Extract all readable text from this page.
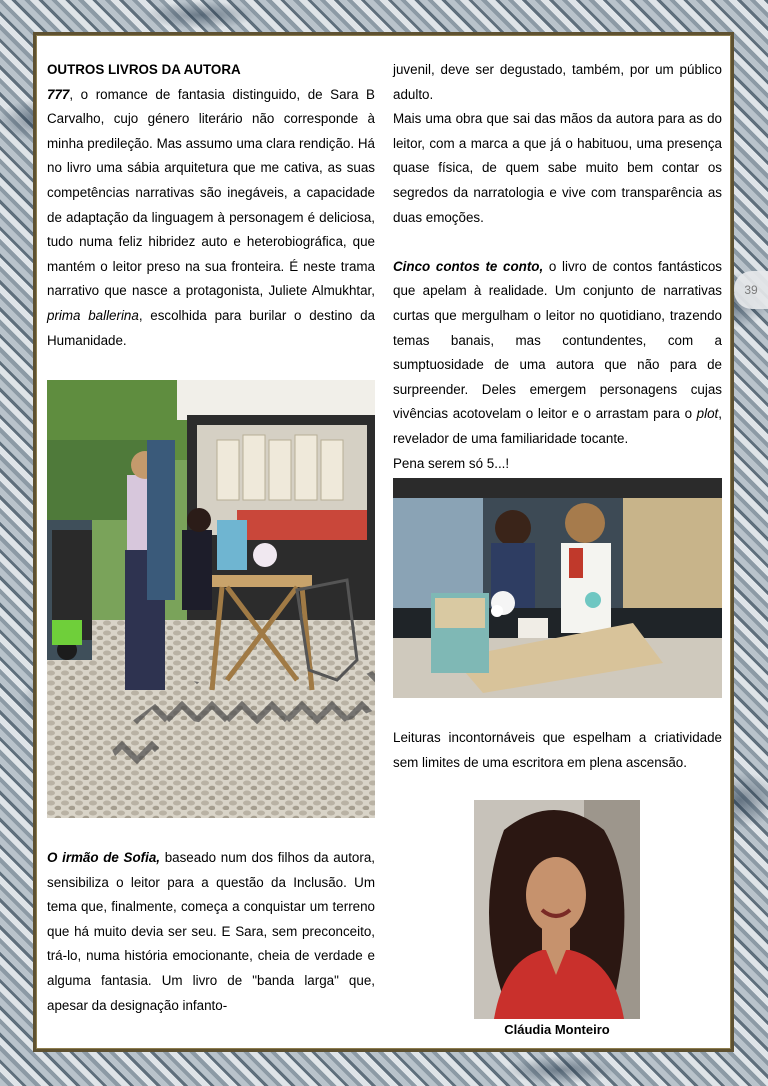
39

OUTROS LIVROS DA AUTORA

777, o romance de fantasia distinguido, de Sara B Carvalho, cujo género literário não corresponde à minha predileção. Mas assumo uma clara rendição. Há no livro uma sábia arquitetura que me cativa, as suas competências narrativas são inegáveis, a capacidade de adaptação da linguagem à personagem é deliciosa, tudo numa feliz hibridez auto e heterobiográfica, que mantém o leitor preso na sua fronteira. É neste trama narrativo que nasce a protagonista, Juliete Almukhtar, prima ballerina, escolhida para burilar o destino da Humanidade.

O irmão de Sofia, baseado num dos filhos da autora, sensibiliza o leitor para a questão da Inclusão. Um tema que, finalmente, começa a conquistar um terreno que há muito devia ser seu. E Sara, sem preconceito, trá-lo, numa história emocionante, cheia de verdade e alguma fantasia. Um livro de "banda larga" que, apesar da designação infanto-

juvenil, deve ser degustado, também, por um público adulto.

Mais uma obra que sai das mãos da autora para as do leitor, com a marca a que já o habituou, uma presença quase física, de quem sabe muito bem contar os segredos da narratologia e vive com transparência as duas emoções.

Cinco contos te conto, o livro de contos fantásticos que apelam à realidade. Um conjunto de narrativas curtas que mergulham o leitor no quotidiano, trazendo temas banais, mas contundentes, com a sumptuosidade de uma autora que não para de surpreender. Deles emergem personagens cujas vivências acotovelam o leitor e o arrastam para o plot, revelador de uma familiaridade tocante.

Pena serem só 5...!

Leituras incontornáveis que espelham a criatividade sem limites de uma escritora em plena ascensão.

Cláudia Monteiro
